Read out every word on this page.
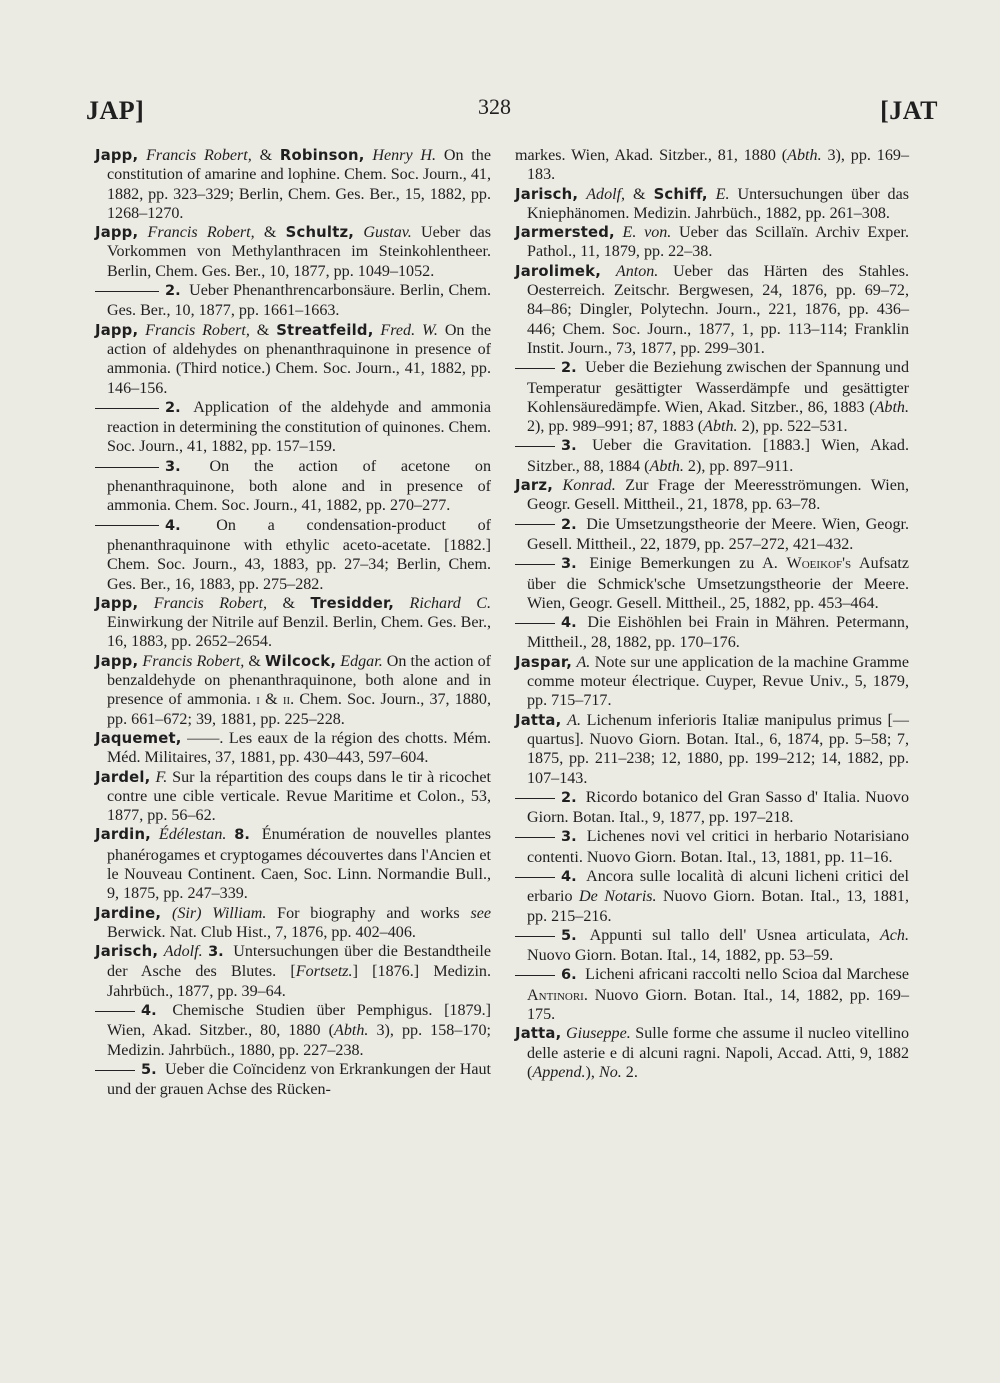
JAP]	328	[JAT

Japp, Francis Robert, & Robinson, Henry H. On the constitution of amarine and lophine. Chem. Soc. Journ., 41, 1882, pp. 323–329; Berlin, Chem. Ges. Ber., 15, 1882, pp. 1268–1270.

Japp, Francis Robert, & Schultz, Gustav. Ueber das Vorkommen von Methylanthracen im Steinkohlentheer. Berlin, Chem. Ges. Ber., 10, 1877, pp. 1049–1052.

2. Ueber Phenanthrencarbonsäure. Berlin, Chem. Ges. Ber., 10, 1877, pp. 1661–1663.

Japp, Francis Robert, & Streatfeild, Fred. W. On the action of aldehydes on phenanthraquinone in presence of ammonia. (Third notice.) Chem. Soc. Journ., 41, 1882, pp. 146–156.

2. Application of the aldehyde and ammonia reaction in determining the constitution of quinones. Chem. Soc. Journ., 41, 1882, pp. 157–159.

3. On the action of acetone on phenanthraquinone, both alone and in presence of ammonia. Chem. Soc. Journ., 41, 1882, pp. 270–277.

4. On a condensation-product of phenanthraquinone with ethylic aceto-acetate. [1882.] Chem. Soc. Journ., 43, 1883, pp. 27–34; Berlin, Chem. Ges. Ber., 16, 1883, pp. 275–282.

Japp, Francis Robert, & Tresidder, Richard C. Einwirkung der Nitrile auf Benzil. Berlin, Chem. Ges. Ber., 16, 1883, pp. 2652–2654.

Japp, Francis Robert, & Wilcock, Edgar. On the action of benzaldehyde on phenanthraquinone, both alone and in presence of ammonia. i & ii. Chem. Soc. Journ., 37, 1880, pp. 661–672; 39, 1881, pp. 225–228.

Jaquemet, ——. Les eaux de la région des chotts. Mém. Méd. Militaires, 37, 1881, pp. 430–443, 597–604.

Jardel, F. Sur la répartition des coups dans le tir à ricochet contre une cible verticale. Revue Maritime et Colon., 53, 1877, pp. 56–62.

Jardin, Édélestan. 8. Énumération de nouvelles plantes phanérogames et cryptogames découvertes dans l'Ancien et le Nouveau Continent. Caen, Soc. Linn. Normandie Bull., 9, 1875, pp. 247–339.

Jardine, (Sir) William. For biography and works see Berwick. Nat. Club Hist., 7, 1876, pp. 402–406.

Jarisch, Adolf. 3. Untersuchungen über die Bestandtheile der Asche des Blutes. [Fortsetz.] [1876.] Medizin. Jahrbüch., 1877, pp. 39–64.

4. Chemische Studien über Pemphigus. [1879.] Wien, Akad. Sitzber., 80, 1880 (Abth. 3), pp. 158–170; Medizin. Jahrbüch., 1880, pp. 227–238.

5. Ueber die Coïncidenz von Erkrankungen der Haut und der grauen Achse des Rücken-

markes. Wien, Akad. Sitzber., 81, 1880 (Abth. 3), pp. 169–183.

Jarisch, Adolf, & Schiff, E. Untersuchungen über das Kniephänomen. Medizin. Jahrbüch., 1882, pp. 261–308.

Jarmersted, E. von. Ueber das Scillaïn. Archiv Exper. Pathol., 11, 1879, pp. 22–38.

Jarolimek, Anton. Ueber das Härten des Stahles. Oesterreich. Zeitschr. Bergwesen, 24, 1876, pp. 69–72, 84–86; Dingler, Polytechn. Journ., 221, 1876, pp. 436–446; Chem. Soc. Journ., 1877, 1, pp. 113–114; Franklin Instit. Journ., 73, 1877, pp. 299–301.

2. Ueber die Beziehung zwischen der Spannung und Temperatur gesättigter Wasserdämpfe und gesättigter Kohlensäuredämpfe. Wien, Akad. Sitzber., 86, 1883 (Abth. 2), pp. 989–991; 87, 1883 (Abth. 2), pp. 522–531.

3. Ueber die Gravitation. [1883.] Wien, Akad. Sitzber., 88, 1884 (Abth. 2), pp. 897–911.

Jarz, Konrad. Zur Frage der Meeresströmungen. Wien, Geogr. Gesell. Mittheil., 21, 1878, pp. 63–78.

2. Die Umsetzungstheorie der Meere. Wien, Geogr. Gesell. Mittheil., 22, 1879, pp. 257–272, 421–432.

3. Einige Bemerkungen zu A. Woeikof's Aufsatz über die Schmick'sche Umsetzungstheorie der Meere. Wien, Geogr. Gesell. Mittheil., 25, 1882, pp. 453–464.

4. Die Eishöhlen bei Frain in Mähren. Petermann, Mittheil., 28, 1882, pp. 170–176.

Jaspar, A. Note sur une application de la machine Gramme comme moteur électrique. Cuyper, Revue Univ., 5, 1879, pp. 715–717.

Jatta, A. Lichenum inferioris Italiæ manipulus primus [—quartus]. Nuovo Giorn. Botan. Ital., 6, 1874, pp. 5–58; 7, 1875, pp. 211–238; 12, 1880, pp. 199–212; 14, 1882, pp. 107–143.

2. Ricordo botanico del Gran Sasso d' Italia. Nuovo Giorn. Botan. Ital., 9, 1877, pp. 197–218.

3. Lichenes novi vel critici in herbario Notarisiano contenti. Nuovo Giorn. Botan. Ital., 13, 1881, pp. 11–16.

4. Ancora sulle località di alcuni licheni critici del erbario De Notaris. Nuovo Giorn. Botan. Ital., 13, 1881, pp. 215–216.

5. Appunti sul tallo dell' Usnea articulata, Ach. Nuovo Giorn. Botan. Ital., 14, 1882, pp. 53–59.

6. Licheni africani raccolti nello Scioa dal Marchese Antinori. Nuovo Giorn. Botan. Ital., 14, 1882, pp. 169–175.

Jatta, Giuseppe. Sulle forme che assume il nucleo vitellino delle asterie e di alcuni ragni. Napoli, Accad. Atti, 9, 1882 (Append.), No. 2.
